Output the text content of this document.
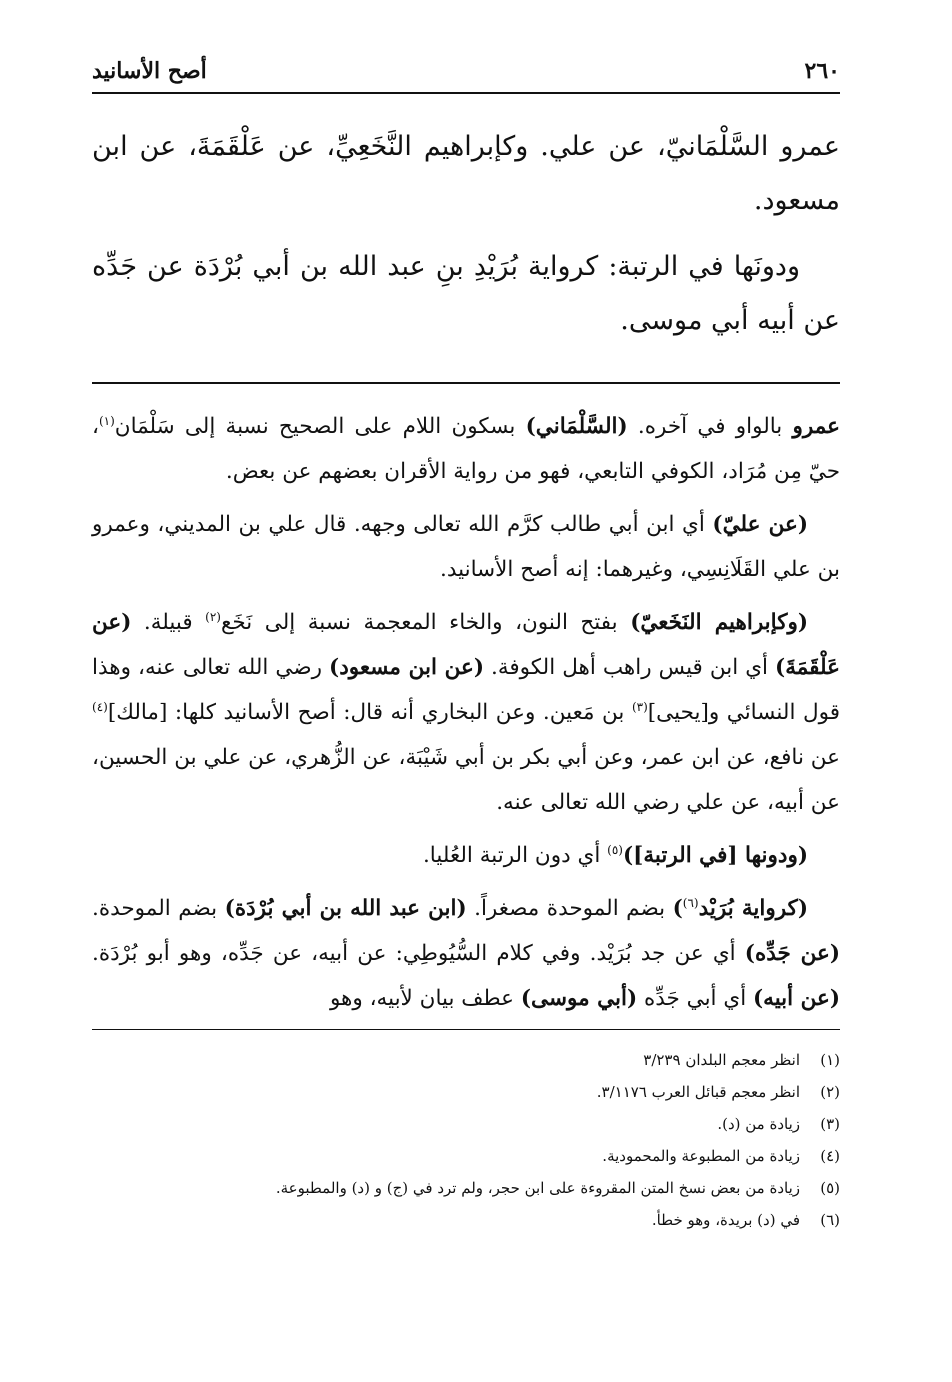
٢٦٠
أصح الأسانيد

عمرو السَّلْمَانيّ، عن علي. وكإبراهيم النَّخَعِيِّ، عن عَلْقَمَةَ، عن ابن مسعود.

ودونَها في الرتبة: كرواية بُرَيْدِ بنِ عبد الله بن أبي بُرْدَة عن جَدِّه عن أبيه أبي موسى.

عمرو بالواو في آخره. (السَّلْمَاني) بسكون اللام على الصحيح نسبة إلى سَلْمَان$^{(١)}$، حيّ مِن مُرَاد، الكوفي التابعي، فهو من رواية الأقران بعضهم عن بعض.

(عن عليّ) أي ابن أبي طالب كرَّم الله تعالى وجهه. قال علي بن المديني، وعمرو بن علي القَلَانِسِي، وغيرهما: إنه أصح الأسانيد.

(وكإبراهيم النَخَعيّ) بفتح النون، والخاء المعجمة نسبة إلى نَخَع$^{(٢)}$ قبيلة. (عن عَلْقَمَةَ) أي ابن قيس راهب أهل الكوفة. (عن ابن مسعود) رضي الله تعالى عنه، وهذا قول النسائي و[يحيى]$^{(٣)}$ بن مَعين. وعن البخاري أنه قال: أصح الأسانيد كلها: [مالك]$^{(٤)}$ عن نافع، عن ابن عمر، وعن أبي بكر بن أبي شَيْبَة، عن الزُّهري، عن علي بن الحسين، عن أبيه، عن علي رضي الله تعالى عنه.

(ودونها [في الرتبة])$^{(٥)}$ أي دون الرتبة العُليا.

(كرواية بُرَيْد$^{(٦)}$) بضم الموحدة مصغراً. (ابن عبد الله بن أبي بُرْدَة) بضم الموحدة. (عن جَدِّه) أي عن جد بُرَيْد. وفي كلام السُّيُوطِي: عن أبيه، عن جَدِّه، وهو أبو بُرْدَة. (عن أبيه) أي أبي جَدِّه (أبي موسى) عطف بيان لأبيه، وهو

(١)
انظر معجم البلدان ٣/٢٣٩
(٢)
انظر معجم قبائل العرب ٣/١١٧٦.
(٣)
زيادة من (د).
(٤)
زيادة من المطبوعة والمحمودية.
(٥)
زيادة من بعض نسخ المتن المقروءة على ابن حجر، ولم ترد في (ج) و (د) والمطبوعة.
(٦)
في (د) بريدة، وهو خطأ.
